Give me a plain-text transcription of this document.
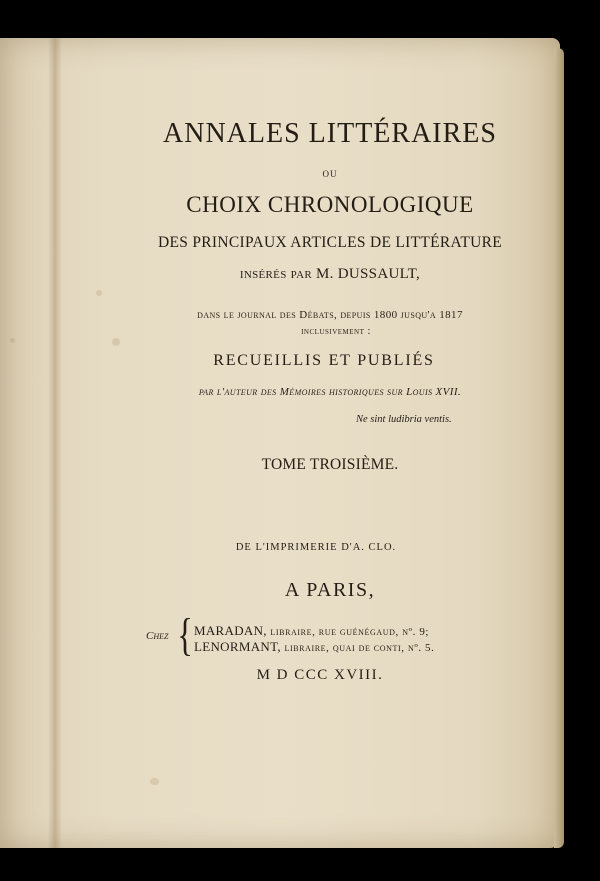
ANNALES LITTÉRAIRES
ou
CHOIX CHRONOLOGIQUE
DES PRINCIPAUX ARTICLES DE LITTÉRATURE
insérés par M. DUSSAULT,
dans le journal des Débats, depuis 1800 jusqu'a 1817
inclusivement :
RECUEILLIS ET PUBLIÉS
par l'auteur des Mémoires historiques sur Louis XVII.
Ne sint ludibria ventis.
TOME TROISIÈME.
DE L'IMPRIMERIE D'A. CLO.
A PARIS,
Chez { MARADAN, libraire, rue guénégaud, nº. 9;
LENORMANT, libraire, quai de conti, nº. 5.
M D CCC XVIII.
